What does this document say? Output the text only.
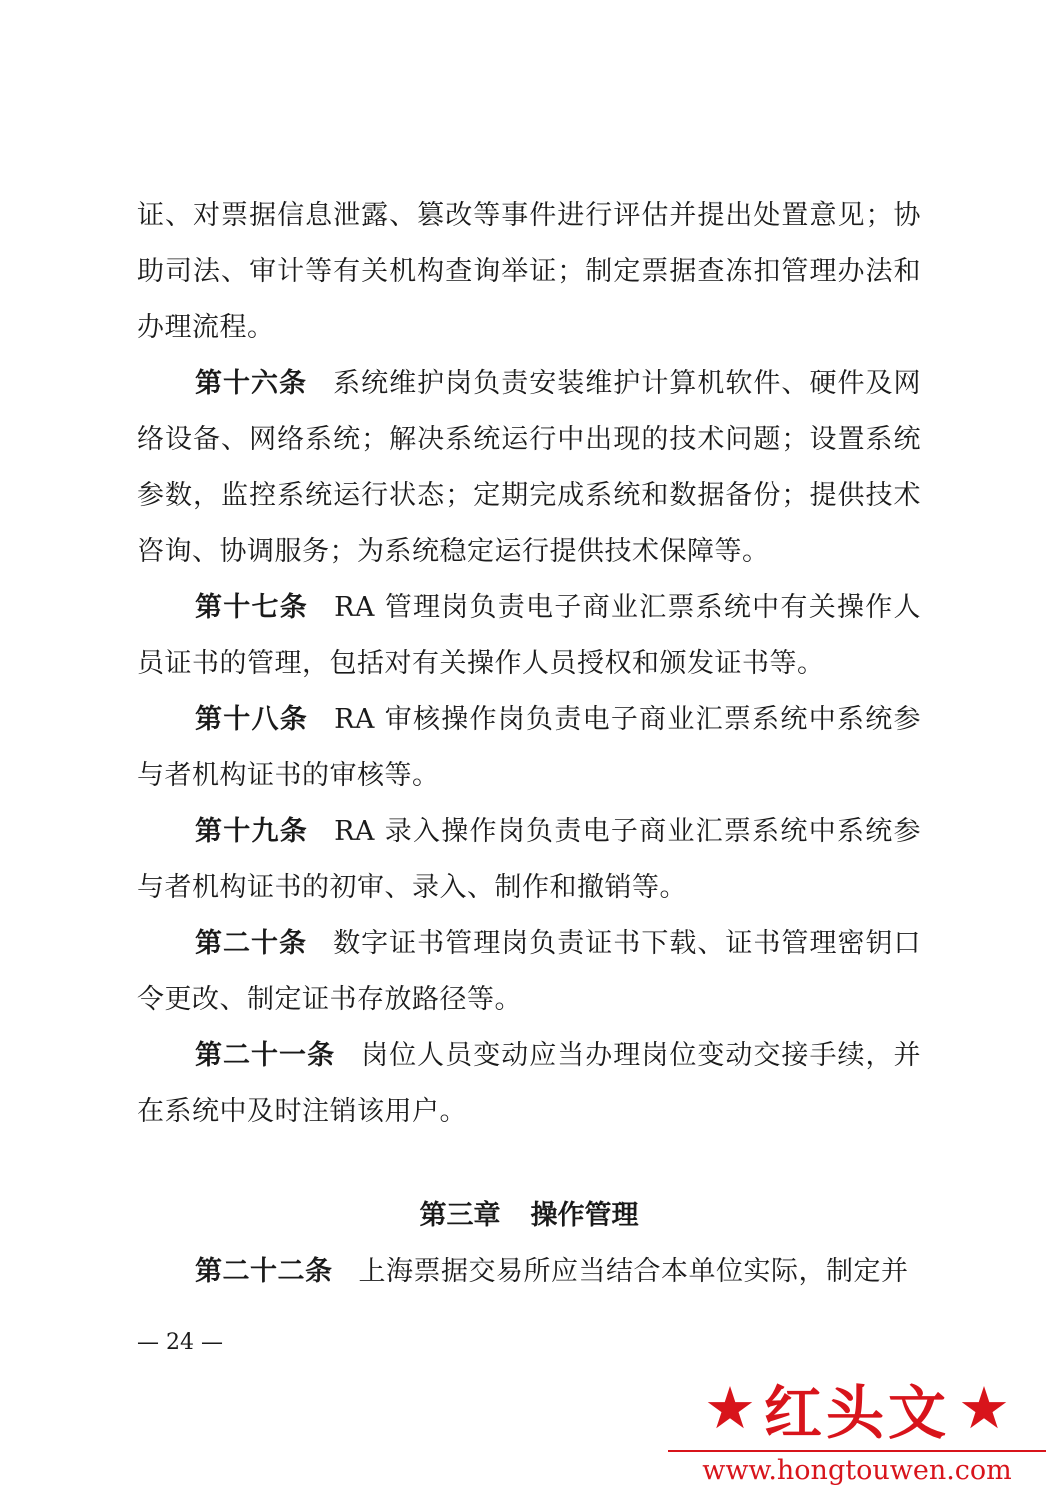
证、对票据信息泄露、篡改等事件进行评估并提出处置意见；协助司法、审计等有关机构查询举证；制定票据查冻扣管理办法和办理流程。

第十六条 系统维护岗负责安装维护计算机软件、硬件及网络设备、网络系统；解决系统运行中出现的技术问题；设置系统参数，监控系统运行状态；定期完成系统和数据备份；提供技术咨询、协调服务；为系统稳定运行提供技术保障等。

第十七条 RA 管理岗负责电子商业汇票系统中有关操作人员证书的管理，包括对有关操作人员授权和颁发证书等。

第十八条 RA 审核操作岗负责电子商业汇票系统中系统参与者机构证书的审核等。

第十九条 RA 录入操作岗负责电子商业汇票系统中系统参与者机构证书的初审、录入、制作和撤销等。

第二十条 数字证书管理岗负责证书下载、证书管理密钥口令更改、制定证书存放路径等。

第二十一条 岗位人员变动应当办理岗位变动交接手续，并在系统中及时注销该用户。

第三章 操作管理

第二十二条 上海票据交易所应当结合本单位实际，制定并

— 24 —
★ 红头文 ★
www.hongtouwen.com
